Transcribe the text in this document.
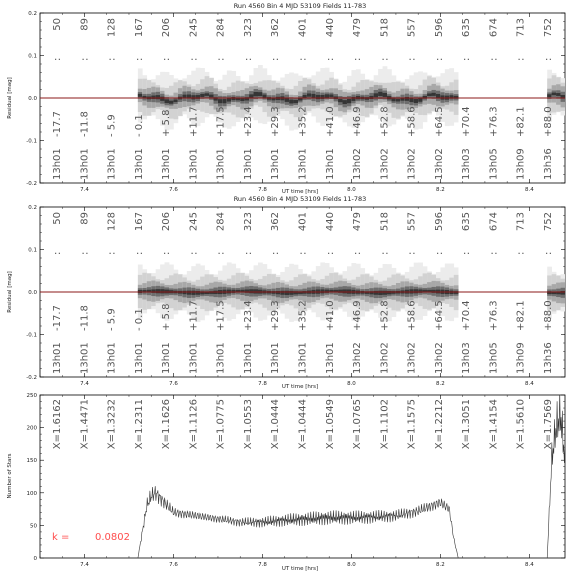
Run 4560 Bin 4 MJD 53109 Fields 11-783
Residual [mag]
UT time [hrs]
-0.2
-0.1
0.0
0.1
0.2
7.4	7.6	7.8	8.0	8.2	8.4
50
:
-17.7
13h01
89
:
-11.8
13h01
128
:
- 5.9
13h01
167
:
- 0.1
13h01
206
:
+ 5.8
13h01
245
:
+11.7
13h01
284
:
+17.5
13h01
323
:
+23.4
13h01
362
:
+29.3
13h01
401
:
+35.2
13h01
440
:
+41.0
13h01
479
:
+46.9
13h02
518
:
+52.8
13h02
557
:
+58.6
13h02
596
:
+64.5
13h02
635
:
+70.4
13h03
674
:
+76.3
13h05
713
:
+82.1
13h09
752
:
+88.0
13h36
Run 4560 Bin 4 MJD 53109 Fields 11-783
Residual [mag]
UT time [hrs]
-0.2
-0.1
0.0
0.1
0.2
7.4	7.6	7.8	8.0	8.2	8.4
50
:
-17.7
13h01
89
:
-11.8
13h01
128
:
- 5.9
13h01
167
:
- 0.1
13h01
206
:
+ 5.8
13h01
245
:
+11.7
13h01
284
:
+17.5
13h01
323
:
+23.4
13h01
362
:
+29.3
13h01
401
:
+35.2
13h01
440
:
+41.0
13h01
479
:
+46.9
13h02
518
:
+52.8
13h02
557
:
+58.6
13h02
596
:
+64.5
13h02
635
:
+70.4
13h03
674
:
+76.3
13h05
713
:
+82.1
13h09
752
:
+88.0
13h36
Number of Stars
UT time [hrs]
0
50
100
150
200
250
7.4	7.6	7.8	8.0	8.2	8.4
X=1.6162 X=1.4471 X=1.3232 X=1.2311 X=1.1626 X=1.1126 X=1.0775 X=1.0553 X=1.0444 X=1.0444 X=1.0549 X=1.0765 X=1.1102 X=1.1575 X=1.2212 X=1.3051 X=1.4154 X=1.5610 X=1.7569
k =	0.0802
